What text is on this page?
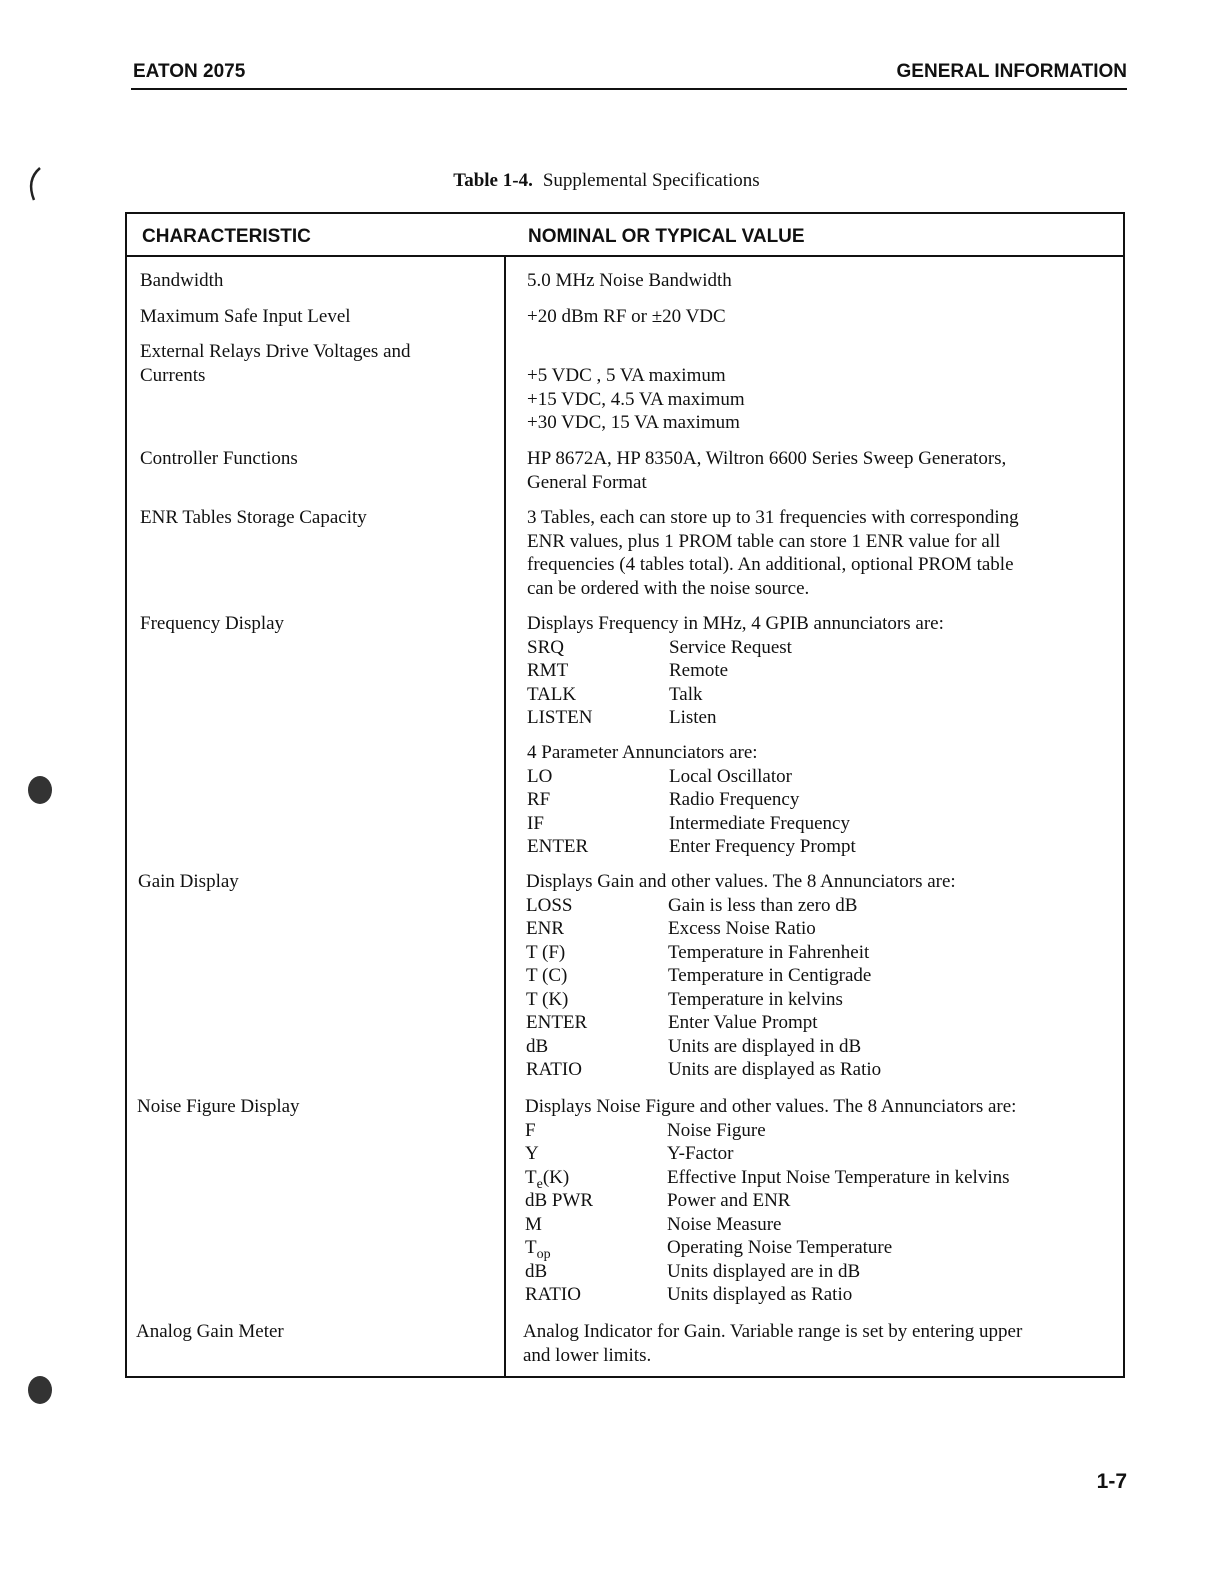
EATON 2075	GENERAL INFORMATION
Table 1-4. Supplemental Specifications
CHARACTERISTIC	NOMINAL OR TYPICAL VALUE
Bandwidth	5.0 MHz Noise Bandwidth
Maximum Safe Input Level	+20 dBm RF or ±20 VDC
External Relays Drive Voltages and
Currents	+5 VDC , 5 VA maximum
+15 VDC, 4.5 VA maximum
+30 VDC, 15 VA maximum
Controller Functions	HP 8672A, HP 8350A, Wiltron 6600 Series Sweep Generators,
General Format
ENR Tables Storage Capacity	3 Tables, each can store up to 31 frequencies with corresponding
ENR values, plus 1 PROM table can store 1 ENR value for all
frequencies (4 tables total). An additional, optional PROM table
can be ordered with the noise source.
Frequency Display	Displays Frequency in MHz, 4 GPIB annunciators are:
SRQ	Service Request
RMT	Remote
TALK	Talk
LISTEN	Listen
4 Parameter Annunciators are:
LO	Local Oscillator
RF	Radio Frequency
IF	Intermediate Frequency
ENTER	Enter Frequency Prompt
Gain Display	Displays Gain and other values. The 8 Annunciators are:
LOSS	Gain is less than zero dB
ENR	Excess Noise Ratio
T (F)	Temperature in Fahrenheit
T (C)	Temperature in Centigrade
T (K)	Temperature in kelvins
ENTER	Enter Value Prompt
dB	Units are displayed in dB
RATIO	Units are displayed as Ratio
Noise Figure Display	Displays Noise Figure and other values. The 8 Annunciators are:
F	Noise Figure
Y	Y-Factor
$T_e(K)$	Effective Input Noise Temperature in kelvins
dB PWR	Power and ENR
M	Noise Measure
$T_{op}$	Operating Noise Temperature
dB	Units displayed are in dB
RATIO	Units displayed as Ratio
Analog Gain Meter	Analog Indicator for Gain. Variable range is set by entering upper
and lower limits.
1-7
